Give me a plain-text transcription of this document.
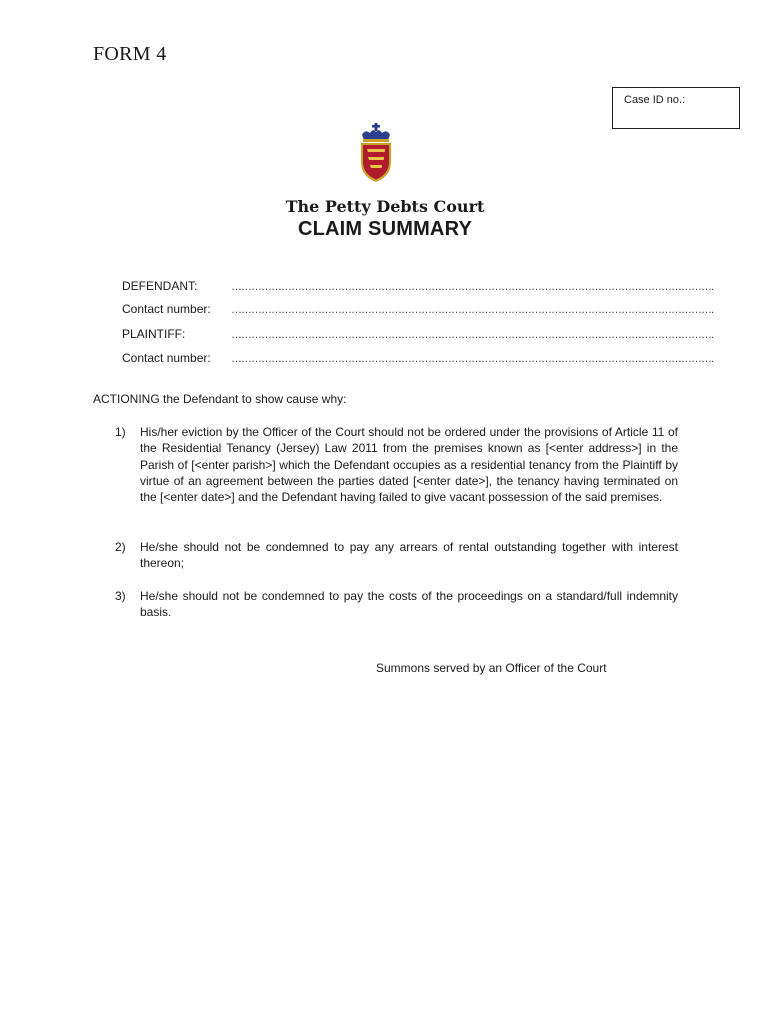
FORM 4
Case ID no.:
The Petty Debts Court
CLAIM SUMMARY
DEFENDANT:	……………………………………………………………………………………………………………………………….
Contact number:	……………………………………………………………………………………………………………………………….
PLAINTIFF:	……………………………………………………………………………………………………………………………….
Contact number:	……………………………………………………………………………………………………………………………….
ACTIONING the Defendant to show cause why:
1)	His/her eviction by the Officer of the Court should not be ordered under the provisions of Article 11 of the Residential Tenancy (Jersey) Law 2011 from the premises known as [<enter address>] in the Parish of [<enter parish>] which the Defendant occupies as a residential tenancy from the Plaintiff by virtue of an agreement between the parties dated [<enter date>], the tenancy having terminated on the [<enter date>] and the Defendant having failed to give vacant possession of the said premises.
2)	He/she should not be condemned to pay any arrears of rental outstanding together with interest thereon;
3)	He/she should not be condemned to pay the costs of the proceedings on a standard/full indemnity basis.
Summons served by an Officer of the Court
